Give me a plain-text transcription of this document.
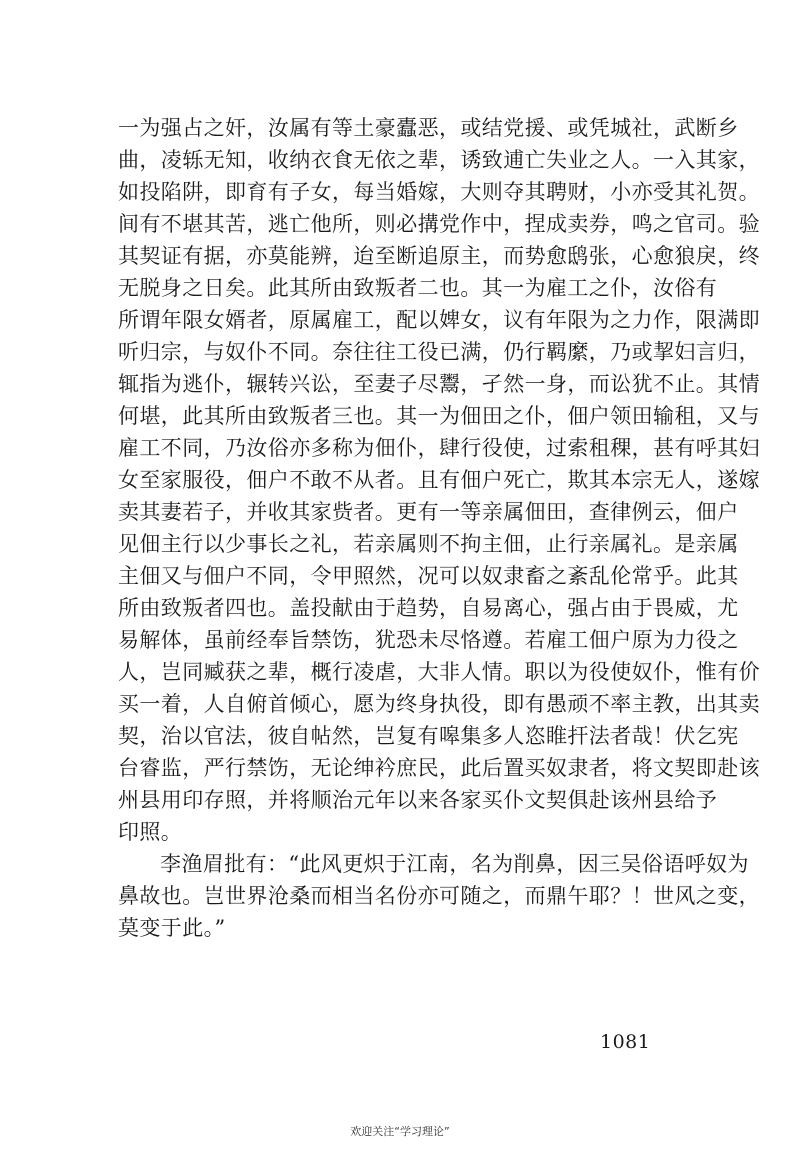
一为强占之奸，汝属有等土豪蠹恶，或结党援、或凭城社，武断乡
曲，凌轹无知，收纳衣食无依之辈，诱致逋亡失业之人。一入其家，
如投陷阱，即育有子女，每当婚嫁，大则夺其聘财，小亦受其礼贺。
间有不堪其苦，逃亡他所，则必搆党作中，捏成卖券，鸣之官司。验
其契证有据，亦莫能辨，迨至断追原主，而势愈鸱张，心愈狼戾，终
无脱身之日矣。此其所由致叛者二也。其一为雇工之仆，汝俗有
所谓年限女婿者，原属雇工，配以婢女，议有年限为之力作，限满即
听归宗，与奴仆不同。奈往往工役已满，仍行羁縻，乃或挈妇言归，
辄指为逃仆，辗转兴讼，至妻子尽鬻，孑然一身，而讼犹不止。其情
何堪，此其所由致叛者三也。其一为佃田之仆，佃户领田输租，又与
雇工不同，乃汝俗亦多称为佃仆，肆行役使，过索租稞，甚有呼其妇
女至家服役，佃户不敢不从者。且有佃户死亡，欺其本宗无人，遂嫁
卖其妻若子，并收其家赀者。更有一等亲属佃田，查律例云，佃户
见佃主行以少事长之礼，若亲属则不拘主佃，止行亲属礼。是亲属
主佃又与佃户不同，令甲照然，况可以奴隶畜之紊乱伦常乎。此其
所由致叛者四也。盖投献由于趋势，自易离心，强占由于畏威，尤
易解体，虽前经奉旨禁饬，犹恐未尽恪遵。若雇工佃户原为力役之
人，岂同臧获之辈，概行凌虐，大非人情。职以为役使奴仆，惟有价
买一着，人自俯首倾心，愿为终身执役，即有愚顽不率主教，出其卖
契，治以官法，彼自帖然，岂复有嗥集多人恣睢扞法者哉！伏乞宪
台睿监，严行禁饬，无论绅衿庶民，此后置买奴隶者，将文契即赴该
州县用印存照，并将顺治元年以来各家买仆文契俱赴该州县给予
印照。
李渔眉批有：“此风更炽于江南，名为削鼻，因三吴俗语呼奴为
鼻故也。岂世界沧桑而相当名份亦可随之，而鼎午耶？！世风之变，
莫变于此。”
1081
欢迎关注“学习理论”
